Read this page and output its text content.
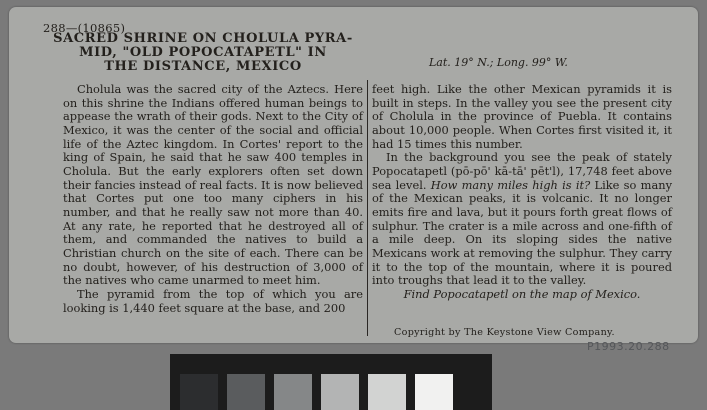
288—(10865)
SACRED SHRINE ON CHOLULA PYRA-
MID, "OLD POPOCATAPETL" IN
THE DISTANCE, MEXICO	Lat. 19° N.; Long. 99° W.

Cholula was the sacred city of the Aztecs. Here on this shrine the Indians offered human beings to appease the wrath of their gods. Next to the City of Mexico, it was the center of the social and official life of the Aztec kingdom. In Cortes' report to the king of Spain, he said that he saw 400 temples in Cholula. But the early explorers often set down their fancies instead of real facts. It is now believed that Cortes put one too many ciphers in his number, and that he really saw not more than 40. At any rate, he reported that he destroyed all of them, and commanded the natives to build a Christian church on the site of each. There can be no doubt, however, of his destruction of 3,000 of the natives who came unarmed to meet him.

The pyramid from the top of which you are looking is 1,440 feet square at the base, and 200

feet high. Like the other Mexican pyramids it is built in steps. In the valley you see the present city of Cholula in the province of Puebla. It contains about 10,000 people. When Cortes first visited it, it had 15 times this number.

In the background you see the peak of stately Popocatapetl (pō-pō' kā-tā' pēt'l), 17,748 feet above sea level. How many miles high is it? Like so many of the Mexican peaks, it is volcanic. It no longer emits fire and lava, but it pours forth great flows of sulphur. The crater is a mile across and one-fifth of a mile deep. On its sloping sides the native Mexicans work at removing the sulphur. They carry it to the top of the mountain, where it is poured into troughs that lead it to the valley.

Find Popocatapetl on the map of Mexico.

Copyright by The Keystone View Company.
P1993.20.288
